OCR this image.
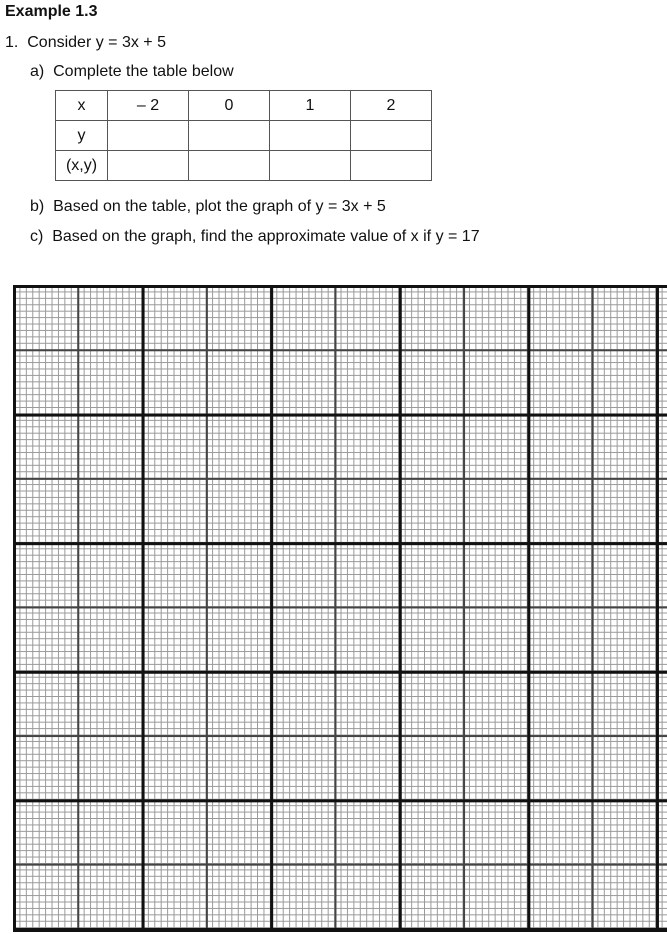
Example 1.3
1. Consider y = 3x + 5
a) Complete the table below
x	– 2	0	1	2
y				
(x,y)				
b) Based on the table, plot the graph of y = 3x + 5
c) Based on the graph, find the approximate value of x if y = 17
